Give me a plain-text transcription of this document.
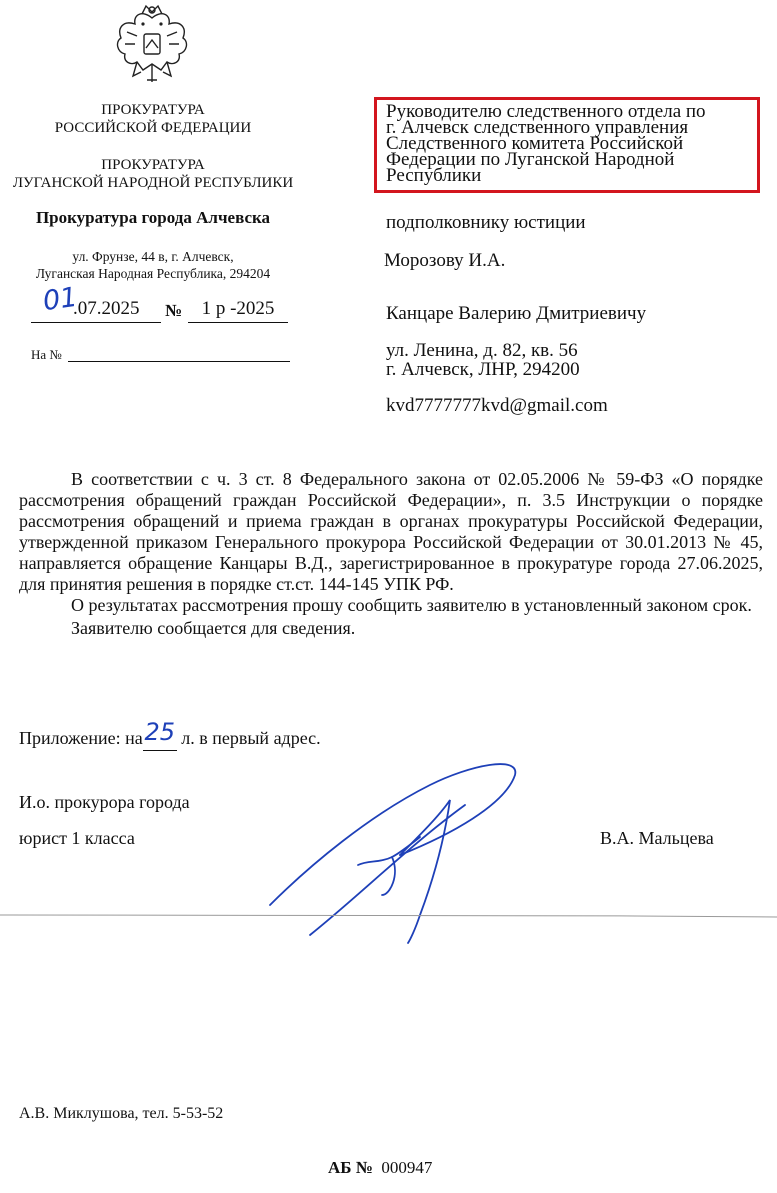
ПРОКУРАТУРА
РОССИЙСКОЙ ФЕДЕРАЦИИ
ПРОКУРАТУРА
ЛУГАНСКОЙ НАРОДНОЙ РЕСПУБЛИКИ
Прокуратура города Алчевска
ул. Фрунзе, 44 в, г. Алчевск,
Луганская Народная Республика, 294204
01
.07.2025 №	1 р -2025
На №
Руководителю следственного отдела по
г. Алчевск следственного управления
Следственного комитета Российской
Федерации по Луганской Народной
Республики
подполковнику юстиции
Морозову И.А.
Канцаре Валерию Дмитриевичу
ул. Ленина, д. 82, кв. 56
г. Алчевск, ЛНР, 294200
kvd7777777kvd@gmail.com

В соответствии с ч. 3 ст. 8 Федерального закона от 02.05.2006 № 59-ФЗ «О порядке рассмотрения обращений граждан Российской Федерации», п. 3.5 Инструкции о порядке рассмотрения обращений и приема граждан в органах прокуратуры Российской Федерации, утвержденной приказом Генерального прокурора Российской Федерации от 30.01.2013 № 45, направляется обращение Канцары В.Д., зарегистрированное в прокуратуре города 27.06.2025, для принятия решения в порядке ст.ст. 144-145 УПК РФ.

О результатах рассмотрения прошу сообщить заявителю в установленный законом срок.

Заявителю сообщается для сведения.

Приложение: на25 л. в первый адрес.
И.о. прокурора города
юрист 1 класса	В.А. Мальцева
А.В. Миклушова, тел. 5-53-52
АБ № 000947
